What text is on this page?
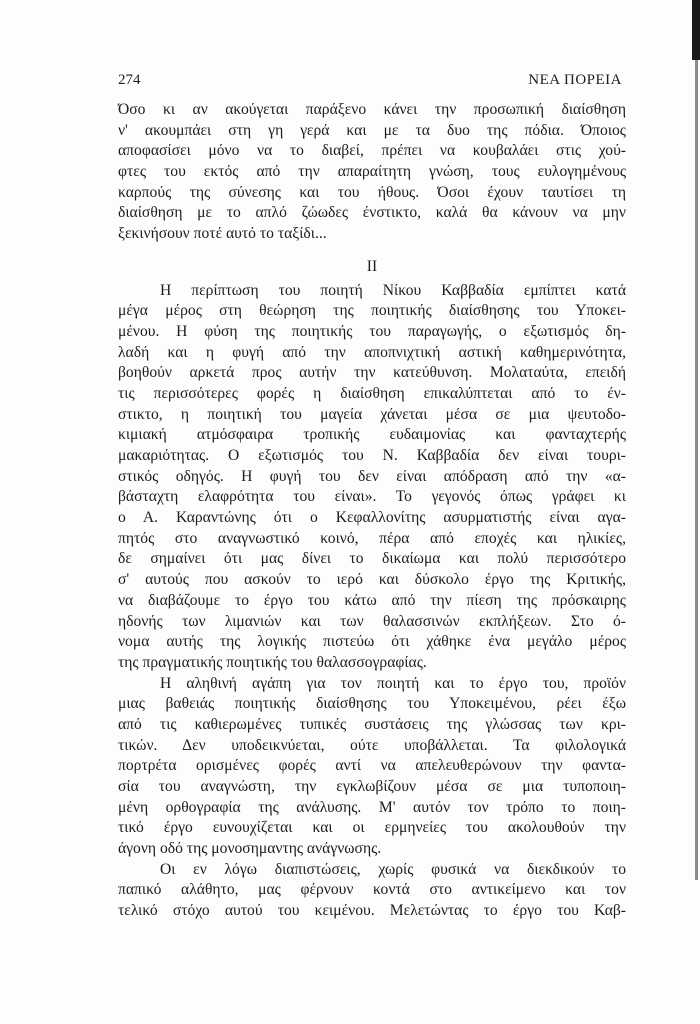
274	ΝΕΑ ΠΟΡΕΙΑ
Όσο κι αν ακούγεται παράξενο κάνει την προσωπική διαίσθηση
ν' ακουμπάει στη γη γερά και με τα δυο της πόδια. Όποιος
αποφασίσει μόνο να το διαβεί, πρέπει να κουβαλάει στις χού-
φτες του εκτός από την απαραίτητη γνώση, τους ευλογημένους
καρπούς της σύνεσης και του ήθους. Όσοι έχουν ταυτίσει τη
διαίσθηση με το απλό ζώωδες ένστικτο, καλά θα κάνουν να μην
ξεκινήσουν ποτέ αυτό το ταξίδι...
ΙΙ
Η περίπτωση του ποιητή Νίκου Καββαδία εμπίπτει κατά
μέγα μέρος στη θεώρηση της ποιητικής διαίσθησης του Υποκει-
μένου. Η φύση της ποιητικής του παραγωγής, ο εξωτισμός δη-
λαδή και η φυγή από την αποπνιχτική αστική καθημερινότητα,
βοηθούν αρκετά προς αυτήν την κατεύθυνση. Μολαταύτα, επειδή
τις περισσότερες φορές η διαίσθηση επικαλύπτεται από το έν-
στικτο, η ποιητική του μαγεία χάνεται μέσα σε μια ψευτοδο-
κιμιακή ατμόσφαιρα τροπικής ευδαιμονίας και φανταχτερής
μακαριότητας. Ο εξωτισμός του Ν. Καββαδία δεν είναι τουρι-
στικός οδηγός. Η φυγή του δεν είναι απόδραση από την «α-
βάσταχτη ελαφρότητα του είναι». Το γεγονός όπως γράφει κι
ο Α. Καραντώνης ότι ο Κεφαλλονίτης ασυρματιστής είναι αγα-
πητός στο αναγνωστικό κοινό, πέρα από εποχές και ηλικίες,
δε σημαίνει ότι μας δίνει το δικαίωμα και πολύ περισσότερο
σ' αυτούς που ασκούν το ιερό και δύσκολο έργο της Κριτικής,
να διαβάζουμε το έργο του κάτω από την πίεση της πρόσκαιρης
ηδονής των λιμανιών και των θαλασσινών εκπλήξεων. Στο ό-
νομα αυτής της λογικής πιστεύω ότι χάθηκε ένα μεγάλο μέρος
της πραγματικής ποιητικής του θαλασσογραφίας.
Η αληθινή αγάπη για τον ποιητή και το έργο του, προϊόν
μιας βαθειάς ποιητικής διαίσθησης του Υποκειμένου, ρέει έξω
από τις καθιερωμένες τυπικές συστάσεις της γλώσσας των κρι-
τικών. Δεν υποδεικνύεται, ούτε υποβάλλεται. Τα φιλολογικά
πορτρέτα ορισμένες φορές αντί να απελευθερώνουν την φαντα-
σία του αναγνώστη, την εγκλωβίζουν μέσα σε μια τυποποιη-
μένη ορθογραφία της ανάλυσης. Μ' αυτόν τον τρόπο το ποιη-
τικό έργο ευνουχίζεται και οι ερμηνείες του ακολουθούν την
άγονη οδό της μονοσημαντης ανάγνωσης.
Οι εν λόγω διαπιστώσεις, χωρίς φυσικά να διεκδικούν το
παπικό αλάθητο, μας φέρνουν κοντά στο αντικείμενο και τον
τελικό στόχο αυτού του κειμένου. Μελετώντας το έργο του Καβ-
